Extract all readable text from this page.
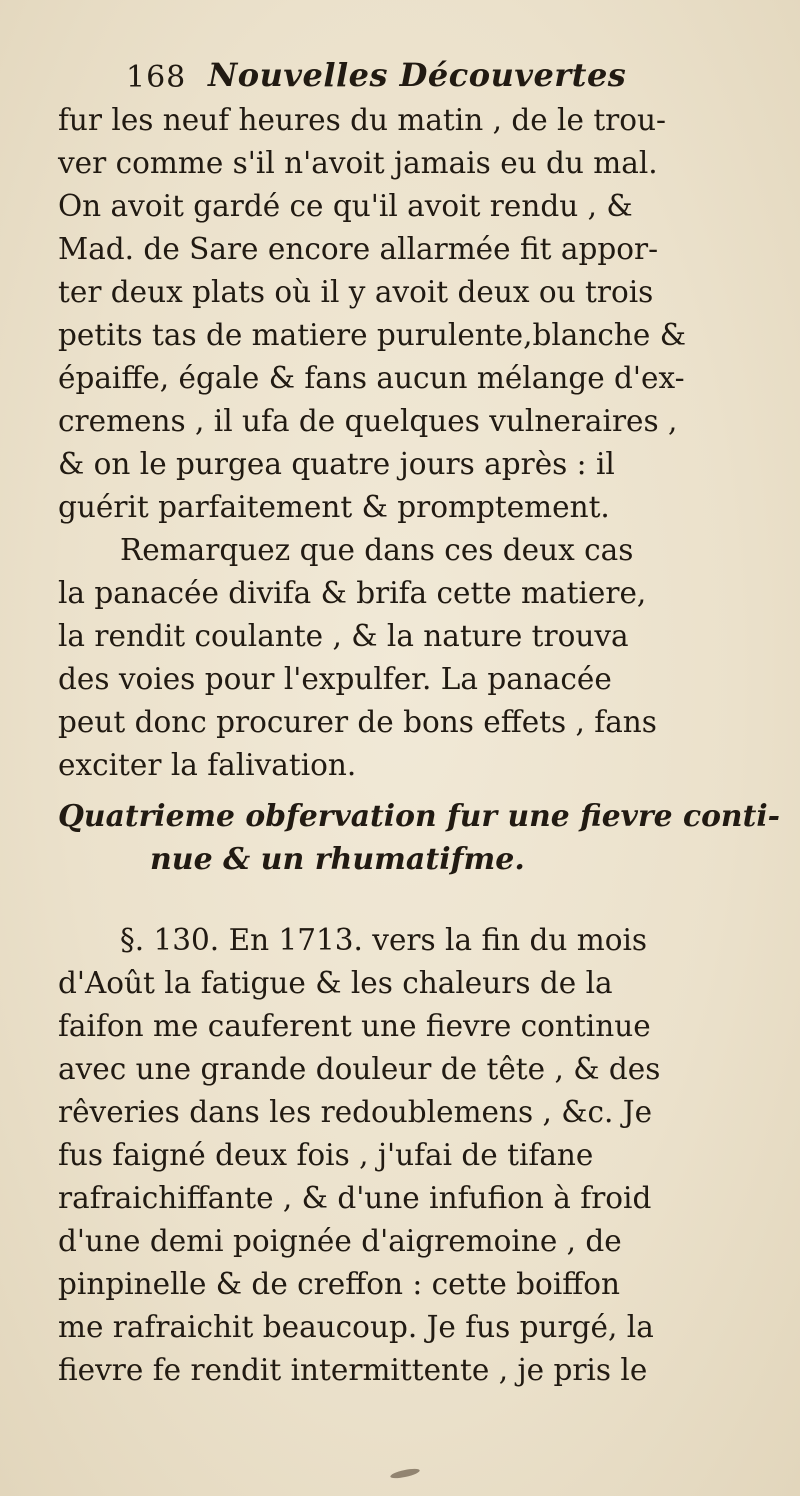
168 Nouvelles Découvertes
fur les neuf heures du matin , de le trou-
ver comme s'il n'avoit jamais eu du mal.
On avoit gardé ce qu'il avoit rendu , &
Mad. de Sare encore allarmée fit appor-
ter deux plats où il y avoit deux ou trois
petits tas de matiere purulente,blanche &
épaiffe, égale & fans aucun mélange d'ex-
cremens , il ufa de quelques vulneraires ,
& on le purgea quatre jours après : il
guérit parfaitement & promptement.
Remarquez que dans ces deux cas
la panacée divifa & brifa cette matiere,
la rendit coulante , & la nature trouva
des voies pour l'expulfer. La panacée
peut donc procurer de bons effets , fans
exciter la falivation.
Quatrieme obfervation fur une fievre conti-
nue & un rhumatifme.
§. 130. En 1713. vers la fin du mois
d'Août la fatigue & les chaleurs de la
faifon me cauferent une fievre continue
avec une grande douleur de tête , & des
rêveries dans les redoublemens , &c. Je
fus faigné deux fois , j'ufai de tifane
rafraichiffante , & d'une infufion à froid
d'une demi poignée d'aigremoine , de
pinpinelle & de creffon : cette boiffon
me rafraichit beaucoup. Je fus purgé, la
fievre fe rendit intermittente , je pris le
